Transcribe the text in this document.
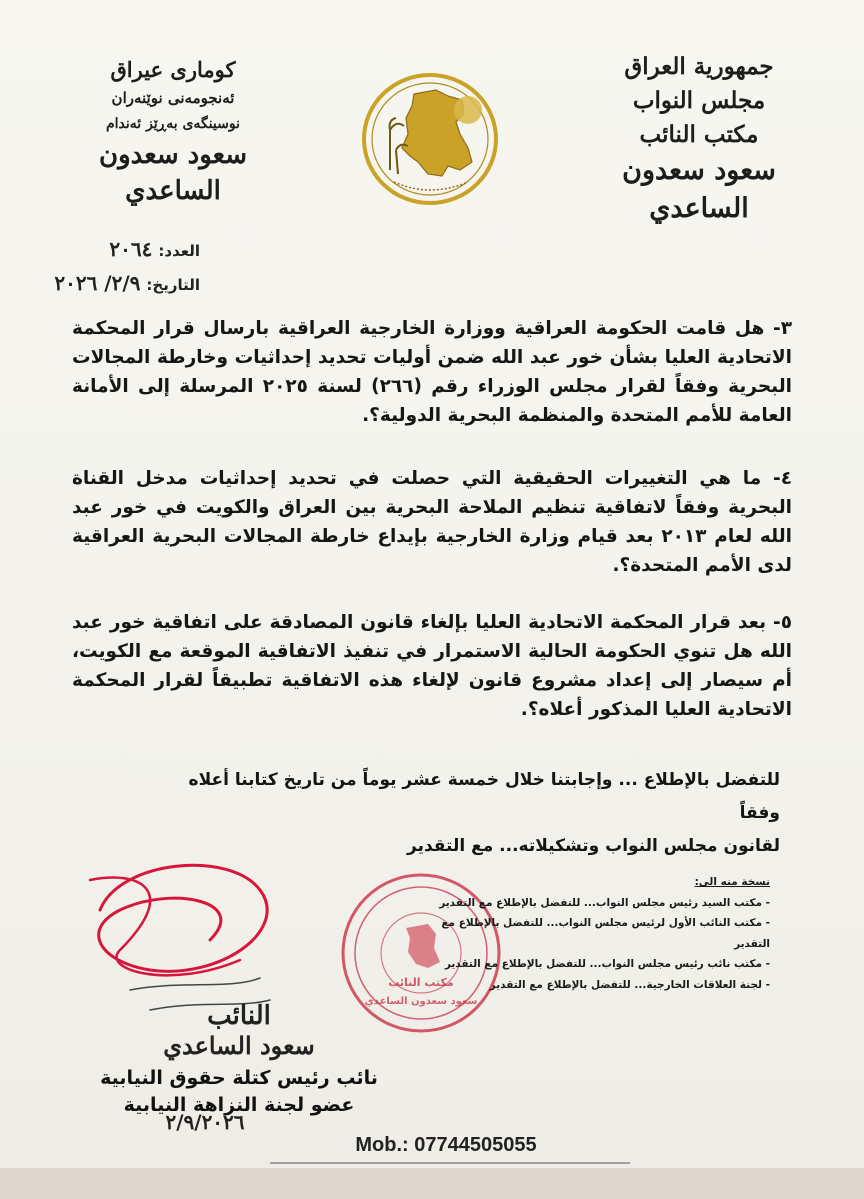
جمهورية العراق
مجلس النواب
مكتب النائب
سعود سعدون الساعدي
كوماری عیراق
ئەنجومەنی نوێنەران
نوسینگەی بەڕێز ئەندام
سعود سعدون الساعدي
العدد:٢٠٦٤
التاريخ:٢/٩/ ٢٠٢٦

٣- هل قامت الحكومة العراقية ووزارة الخارجية العراقية بارسال قرار المحكمة الاتحادية العليا بشأن خور عبد الله ضمن أوليات تحديد إحداثيات وخارطة المجالات البحرية وفقاً لقرار مجلس الوزراء رقم (٢٦٦) لسنة ٢٠٢٥ المرسلة إلى الأمانة العامة للأمم المتحدة والمنظمة البحرية الدولية؟.

٤- ما هي التغييرات الحقيقية التي حصلت في تحديد إحداثيات مدخل القناة البحرية وفقاً لاتفاقية تنظيم الملاحة البحرية بين العراق والكويت في خور عبد الله لعام ٢٠١٣ بعد قيام وزارة الخارجية بإيداع خارطة المجالات البحرية العراقية لدى الأمم المتحدة؟.

٥- بعد قرار المحكمة الاتحادية العليا بإلغاء قانون المصادقة على اتفاقية خور عبد الله هل تنوي الحكومة الحالية الاستمرار في تنفيذ الاتفاقية الموقعة مع الكويت، أم سيصار إلى إعداد مشروع قانون لإلغاء هذه الاتفاقية تطبيقاً لقرار المحكمة الاتحادية العليا المذكور أعلاه؟.

للتفضل بالإطلاع ... وإجابتنا خلال خمسة عشر يوماً من تاريخ كتابنا أعلاه وفقاً
لقانون مجلس النواب وتشكيلاته... مع التقدير
مكتب النائب
سعود سعدون الساعدي
نسخة منه الى:
- مكتب السيد رئيس مجلس النواب... للتفضل بالإطلاع مع التقدير
- مكتب النائب الأول لرئيس مجلس النواب... للتفضل بالإطلاع مع التقدير
- مكتب نائب رئيس مجلس النواب... للتفضل بالإطلاع مع التقدير
- لجنة العلاقات الخارجية... للتفضل بالإطلاع مع التقدير
النائب
سعود الساعدي
نائب رئيس كتلة حقوق النيابية
عضو لجنة النزاهة النيابية
٢/٩/٢٠٢٦
Mob.: 07744505055
